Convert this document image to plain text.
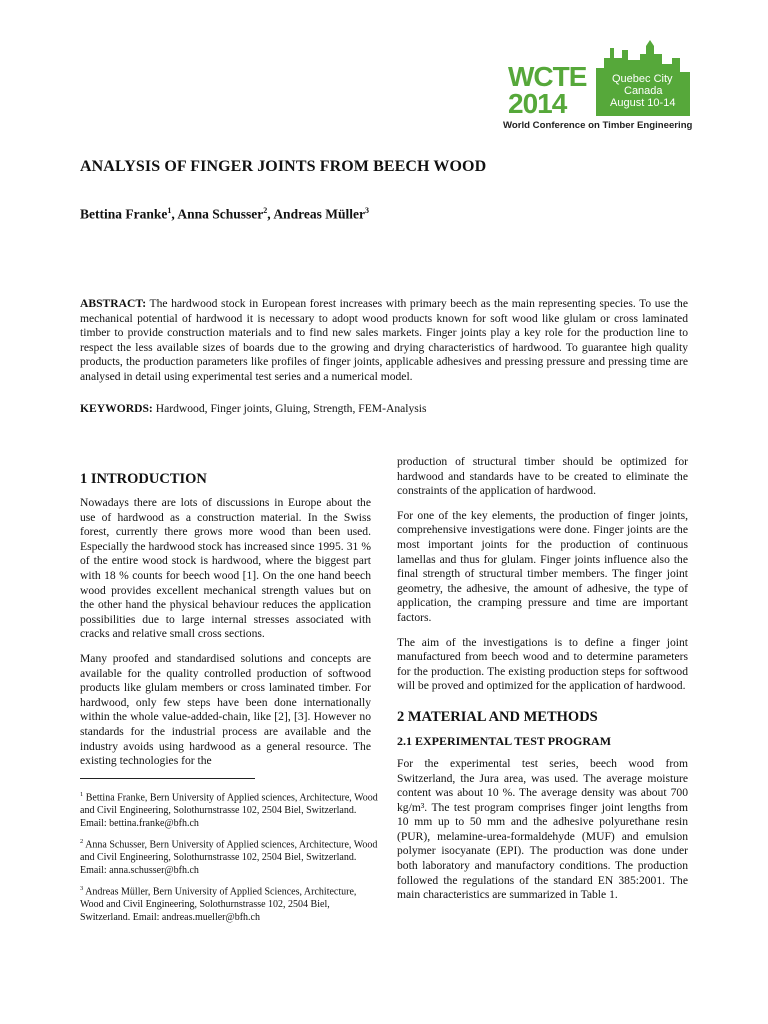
WCTE
2014
Quebec City
Canada
August 10-14
World Conference on Timber Engineering
ANALYSIS OF FINGER JOINTS FROM BEECH WOOD
Bettina Franke$^1$, Anna Schusser$^2$, Andreas Müller$^3$
ABSTRACT: The hardwood stock in European forest increases with primary beech as the main representing species. To use the mechanical potential of hardwood it is necessary to adopt wood products known for soft wood like glulam or cross laminated timber to provide construction materials and to find new sales markets. Finger joints play a key role for the production line to respect the less available sizes of boards due to the growing and drying characteristics of hardwood. To guarantee high quality products, the production parameters like profiles of finger joints, applicable adhesives and pressing pressure and pressing time are analysed in detail using experimental test series and a numerical model.
KEYWORDS: Hardwood, Finger joints, Gluing, Strength, FEM-Analysis
1 INTRODUCTION

Nowadays there are lots of discussions in Europe about the use of hardwood as a construction material. In the Swiss forest, currently there grows more wood than been used. Especially the hardwood stock has increased since 1995. 31 % of the entire wood stock is hardwood, where the biggest part with 18 % counts for beech wood [1]. On the one hand beech wood provides excellent mechanical strength values but on the other hand the physical behaviour reduces the application possibilities due to large internal stresses associated with cracks and relative small cross sections.

Many proofed and standardised solutions and concepts are available for the quality controlled production of softwood products like glulam members or cross laminated timber. For hardwood, only few steps have been done internationally within the whole value-added-chain, like [2], [3]. However no standards for the industrial process are available and the industry avoids using hardwood as a general resource. The existing technologies for the

$^1$ Bettina Franke, Bern University of Applied sciences, Architecture, Wood and Civil Engineering, Solothurnstrasse 102, 2504 Biel, Switzerland. Email: bettina.franke@bfh.ch
$^2$ Anna Schusser, Bern University of Applied sciences, Architecture, Wood and Civil Engineering, Solothurnstrasse 102, 2504 Biel, Switzerland. Email: anna.schusser@bfh.ch
$^3$ Andreas Müller, Bern University of Applied Sciences, Architecture, Wood and Civil Engineering, Solothurnstrasse 102, 2504 Biel, Switzerland. Email: andreas.mueller@bfh.ch

production of structural timber should be optimized for hardwood and standards have to be created to eliminate the constraints of the application of hardwood.

For one of the key elements, the production of finger joints, comprehensive investigations were done. Finger joints are the most important joints for the production of continuous lamellas and thus for glulam. Finger joints influence also the final strength of structural timber members. The finger joint geometry, the adhesive, the amount of adhesive, the type of application, the cramping pressure and time are important factors.

The aim of the investigations is to define a finger joint manufactured from beech wood and to determine parameters for the production. The existing production steps for softwood will be proved and optimized for the application of hardwood.

2 MATERIAL AND METHODS
2.1 EXPERIMENTAL TEST PROGRAM

For the experimental test series, beech wood from Switzerland, the Jura area, was used. The average moisture content was about 10 %. The average density was about 700 kg/m³. The test program comprises finger joint lengths from 10 mm up to 50 mm and the adhesive polyurethane resin (PUR), melamine-urea-formaldehyde (MUF) and emulsion polymer isocyanate (EPI). The production was done under both laboratory and manufactory conditions. The production followed the regulations of the standard EN 385:2001. The main characteristics are summarized in Table 1.
